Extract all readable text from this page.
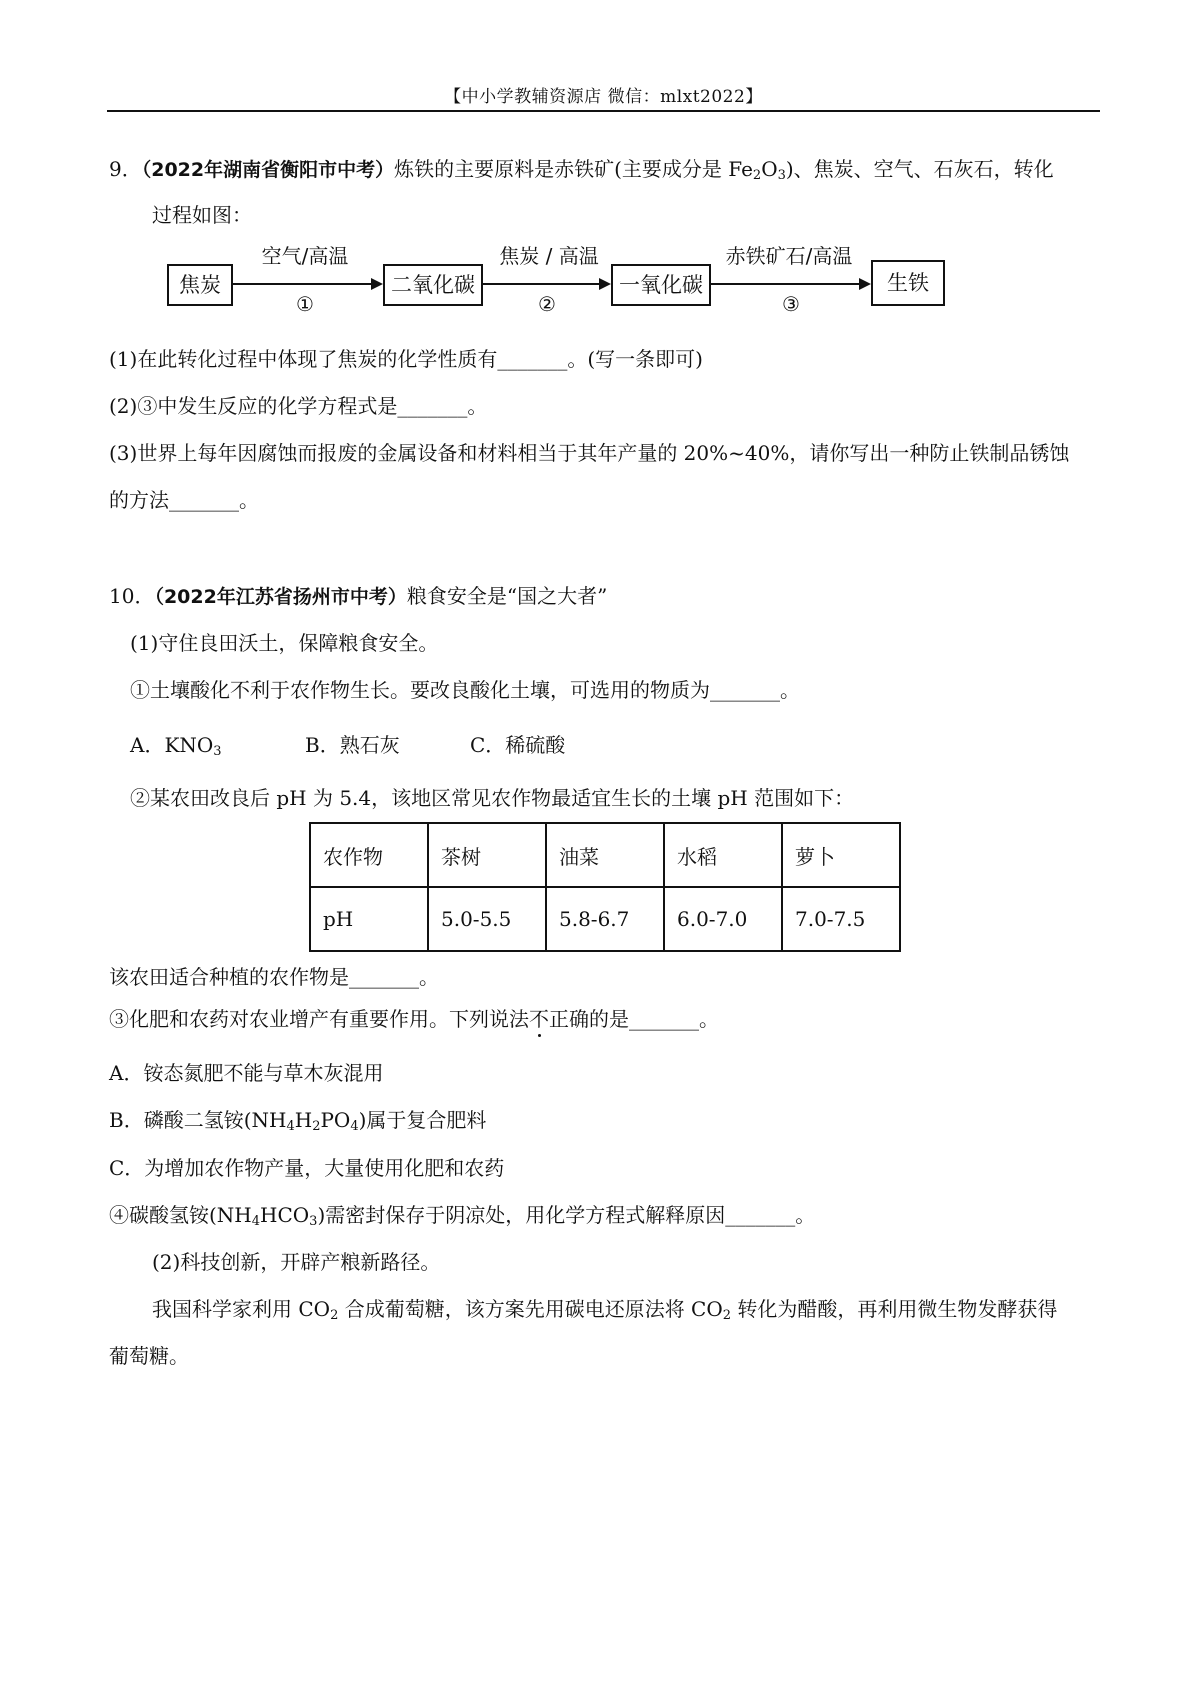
【中小学教辅资源店 微信：mlxt2022】
9．（2022年湖南省衡阳市中考）炼铁的主要原料是赤铁矿(主要成分是 $Fe_2O_3$)、焦炭、空气、石灰石，转化
过程如图：
焦炭
空气/高温
①
二氧化碳
焦炭 / 高温
②
一氧化碳
赤铁矿石/高温
③
生铁
(1)在此转化过程中体现了焦炭的化学性质有_______。(写一条即可)
(2)③中发生反应的化学方程式是_______。
(3)世界上每年因腐蚀而报废的金属设备和材料相当于其年产量的 20%~40%，请你写出一种防止铁制品锈蚀
的方法_______。
10．（2022年江苏省扬州市中考）粮食安全是“国之大者”
(1)守住良田沃土，保障粮食安全。
①土壤酸化不利于农作物生长。要改良酸化土壤，可选用的物质为_______。
A．$KNO_3$	B．熟石灰	C．稀硫酸
②某农田改良后 pH 为 5.4，该地区常见农作物最适宜生长的土壤 pH 范围如下：
农作物	茶树	油菜	水稻	萝卜
pH	5.0-5.5	5.8-6.7	6.0-7.0	7.0-7.5
该农田适合种植的农作物是_______。
③化肥和农药对农业增产有重要作用。下列说法不正确的是_______。
A．铵态氮肥不能与草木灰混用
B．磷酸二氢铵$(NH_4H_2PO_4)$属于复合肥料
C．为增加农作物产量，大量使用化肥和农药
④碳酸氢铵$(NH_4HCO_3)$需密封保存于阴凉处，用化学方程式解释原因_______。
(2)科技创新，开辟产粮新路径。
我国科学家利用 $CO_2$ 合成葡萄糖，该方案先用碳电还原法将 $CO_2$ 转化为醋酸，再利用微生物发酵获得
葡萄糖。
